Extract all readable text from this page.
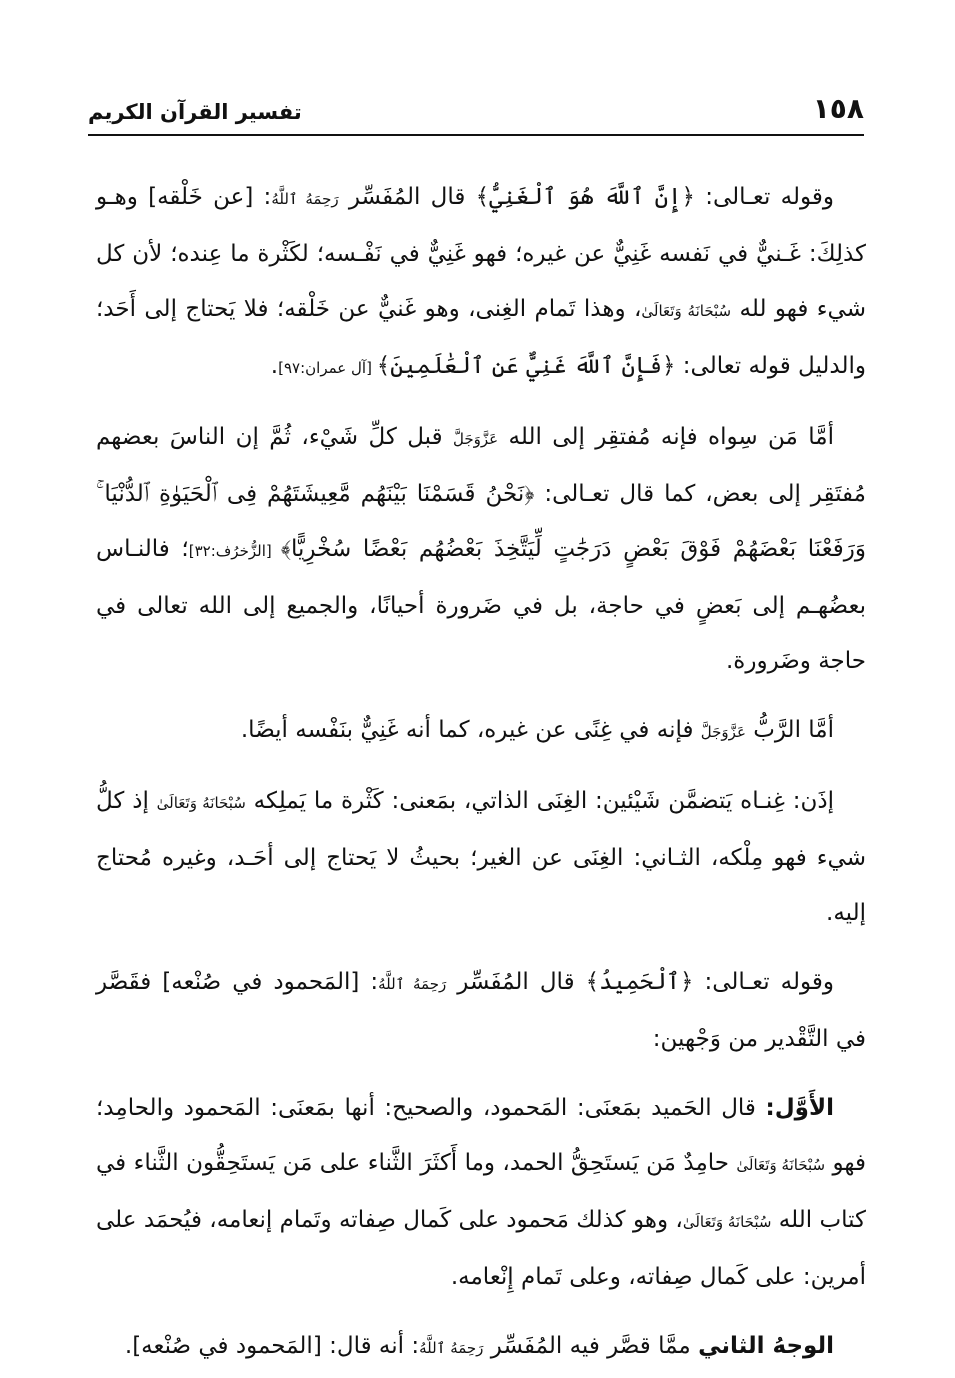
١٥٨
تفسير القرآن الكريم

وقوله تعـالى: ﴿إِنَّ ٱللَّهَ هُوَ ٱلْغَنِيُّ﴾ قال المُفَسِّر رَحِمَهُ ٱللَّهُ: [عن خَلْقه] وهـو كذلِكَ: غَـنيٌّ في نَفسه غَنِيٌّ عن غيره؛ فهو غَنِيٌّ في نَفْـسه؛ لكَثْرة ما عِنده؛ لأن كل شيء فهو لله سُبْحَانَهُ وَتَعَالَىٰ، وهذا تَمام الغِنى، وهو غَنيٌّ عن خَلْقه؛ فلا يَحتاج إلى أَحَد؛ والدليل قوله تعالى: ﴿فَإِنَّ ٱللَّهَ غَنِيٌّ عَنِ ٱلْعَٰلَمِينَ﴾ [آل عمران:٩٧].

أمَّا مَن سِواه فإنه مُفتقِر إلى الله عَزَّوَجَلَّ قبل كلِّ شَيْء، ثُمَّ إن الناسَ بعضهم مُفتَقِر إلى بعض، كما قال تعـالى: ﴿نَحْنُ قَسَمْنَا بَيْنَهُم مَّعِيشَتَهُمْ فِى ٱلْحَيَوٰةِ ٱلدُّنْيَا ۚ وَرَفَعْنَا بَعْضَهُمْ فَوْقَ بَعْضٍ دَرَجَٰتٍ لِّيَتَّخِذَ بَعْضُهُم بَعْضًا سُخْرِيًّا﴾ [الزُّخرُف:٣٢]؛ فالنـاس بعضُهـم إلى بَعضٍ في حاجة، بل في ضَرورة أحيانًا، والجميع إلى الله تعالى في حاجة وضَرورة.

أمَّا الرَّبُّ عَزَّوَجَلَّ فإنه في غِنًى عن غيره، كما أنه غَنِيٌّ بنَفْسه أيضًا.

إذَن: غِنـاه يَتضمَّن شَيْئين: الغِنَى الذاتي، بمَعنى: كَثْرة ما يَملِكه سُبْحَانَهُ وَتَعَالَىٰ إذ كلُّ شيء فهو مِلْكه، الثـاني: الغِنَى عن الغير؛ بحيثُ لا يَحتاج إلى أحَـد، وغيره مُحتاج إليه.

وقوله تعـالى: ﴿ٱلْحَمِيدُ﴾ قال المُفَسِّر رَحِمَهُ ٱللَّهُ: [المَحمود في صُنْعه] فقَصَّر في التَّقْدير من وَجْهين:

الأَوَّل: قال الحَميد بمَعنَى: المَحمود، والصحيح: أنها بمَعنَى: المَحمود والحامِد؛ فهو سُبْحَانَهُ وَتَعَالَىٰ حامِدٌ مَن يَستَحِقُّ الحمد، وما أَكثَرَ الثَّناء على مَن يَستَحِقُّون الثَّناء في كتاب الله سُبْحَانَهُ وَتَعَالَىٰ، وهو كذلك مَحمود على كَمال صِفاته وتَمام إنعامه، فيُحمَد على أمرين: على كَمال صِفاته، وعلى تَمام إِنْعامه.

الوجهُ الثاني ممَّا قصَّر فيه المُفَسِّر رَحِمَهُ ٱللَّهُ: أنه قال: [المَحمود في صُنْعه].
